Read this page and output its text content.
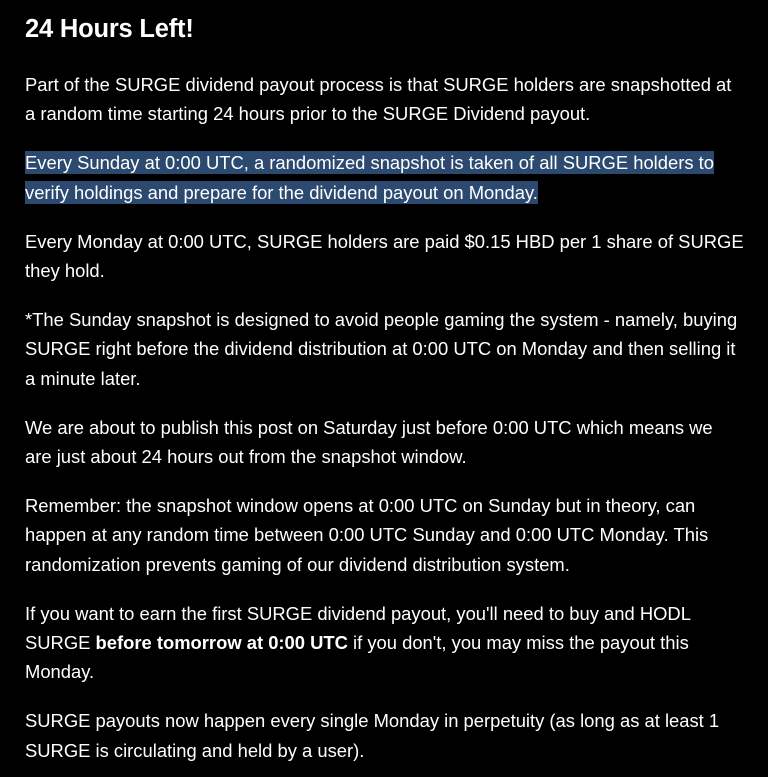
24 Hours Left!

Part of the SURGE dividend payout process is that SURGE holders are snapshotted at a random time starting 24 hours prior to the SURGE Dividend payout.

Every Sunday at 0:00 UTC, a randomized snapshot is taken of all SURGE holders to verify holdings and prepare for the dividend payout on Monday.

Every Monday at 0:00 UTC, SURGE holders are paid $0.15 HBD per 1 share of SURGE they hold.

*The Sunday snapshot is designed to avoid people gaming the system - namely, buying SURGE right before the dividend distribution at 0:00 UTC on Monday and then selling it a minute later.

We are about to publish this post on Saturday just before 0:00 UTC which means we are just about 24 hours out from the snapshot window.

Remember: the snapshot window opens at 0:00 UTC on Sunday but in theory, can happen at any random time between 0:00 UTC Sunday and 0:00 UTC Monday. This randomization prevents gaming of our dividend distribution system.

If you want to earn the first SURGE dividend payout, you'll need to buy and HODL SURGE before tomorrow at 0:00 UTC if you don't, you may miss the payout this Monday.

SURGE payouts now happen every single Monday in perpetuity (as long as at least 1 SURGE is circulating and held by a user).
